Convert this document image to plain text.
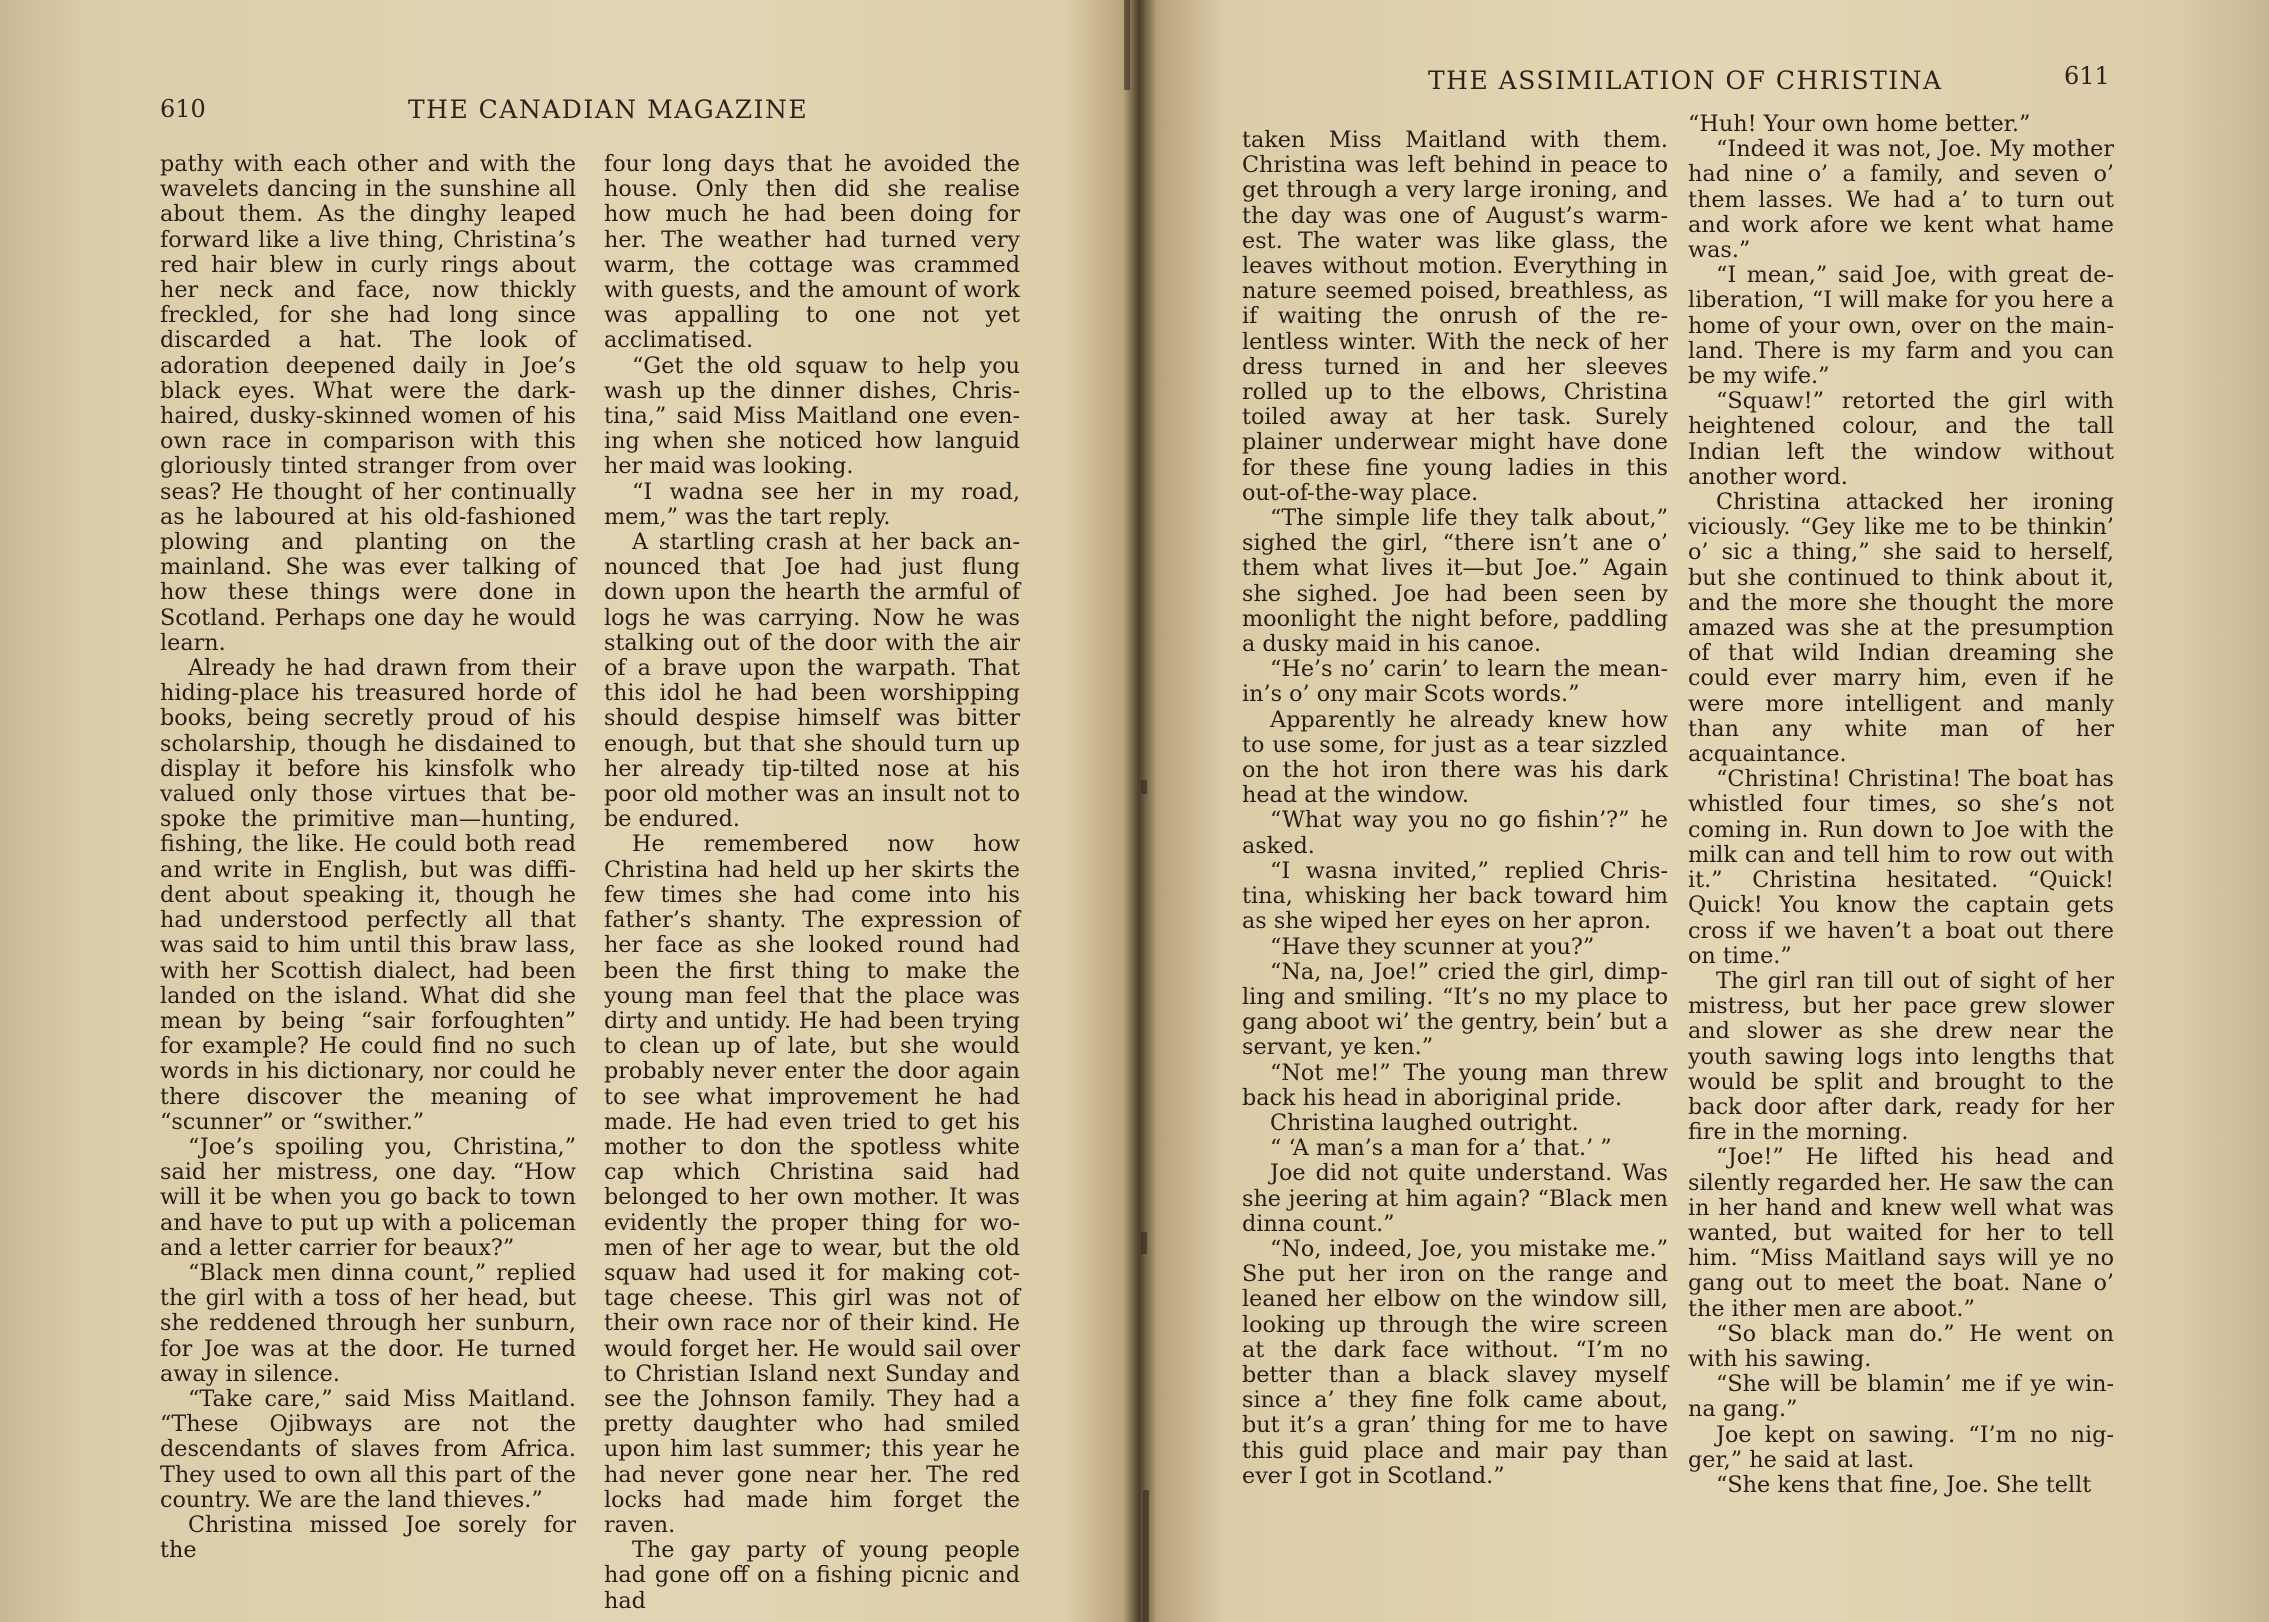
610	THE CANADIAN MAGAZINE

pathy with each other and with the wavelets dancing in the sunshine all about them. As the dinghy leaped forward like a live thing, Christina’s red hair blew in curly rings about her neck and face, now thickly freckled, for she had long since discarded a hat. The look of adoration deepened daily in Joe’s black eyes. What were the dark-haired, dusky-skinned women of his own race in comparison with this gloriously tinted stranger from over seas? He thought of her continually as he laboured at his old-fashioned plowing and planting on the mainland. She was ever talking of how these things were done in Scotland. Perhaps one day he would learn.

Already he had drawn from their hiding-place his treasured horde of books, being secretly proud of his scholarship, though he disdained to display it before his kinsfolk who valued only those virtues that bespoke the primitive man—hunting, fishing, the like. He could both read and write in English, but was diffident about speaking it, though he had understood perfectly all that was said to him until this braw lass, with her Scottish dialect, had been landed on the island. What did she mean by being “sair forfoughten” for example? He could find no such words in his dictionary, nor could he there discover the meaning of “scunner” or “swither.”

“Joe’s spoiling you, Christina,” said her mistress, one day. “How will it be when you go back to town and have to put up with a policeman and a letter carrier for beaux?”

“Black men dinna count,” replied the girl with a toss of her head, but she reddened through her sunburn, for Joe was at the door. He turned away in silence.

“Take care,” said Miss Maitland. “These Ojibways are not the descendants of slaves from Africa. They used to own all this part of the country. We are the land thieves.”

Christina missed Joe sorely for the

four long days that he avoided the house. Only then did she realise how much he had been doing for her. The weather had turned very warm, the cottage was crammed with guests, and the amount of work was appalling to one not yet acclimatised.

“Get the old squaw to help you wash up the dinner dishes, Christina,” said Miss Maitland one evening when she noticed how languid her maid was looking.

“I wadna see her in my road, mem,” was the tart reply.

A startling crash at her back announced that Joe had just flung down upon the hearth the armful of logs he was carrying. Now he was stalking out of the door with the air of a brave upon the warpath. That this idol he had been worshipping should despise himself was bitter enough, but that she should turn up her already tip-tilted nose at his poor old mother was an insult not to be endured.

He remembered now how Christina had held up her skirts the few times she had come into his father’s shanty. The expression of her face as she looked round had been the first thing to make the young man feel that the place was dirty and untidy. He had been trying to clean up of late, but she would probably never enter the door again to see what improvement he had made. He had even tried to get his mother to don the spotless white cap which Christina said had belonged to her own mother. It was evidently the proper thing for women of her age to wear, but the old squaw had used it for making cottage cheese. This girl was not of their own race nor of their kind. He would forget her. He would sail over to Christian Island next Sunday and see the Johnson family. They had a pretty daughter who had smiled upon him last summer; this year he had never gone near her. The red locks had made him forget the raven.

The gay party of young people had gone off on a fishing picnic and had

THE ASSIMILATION OF CHRISTINA	611

taken Miss Maitland with them. Christina was left behind in peace to get through a very large ironing, and the day was one of August’s warmest. The water was like glass, the leaves without motion. Everything in nature seemed poised, breathless, as if waiting the onrush of the relentless winter. With the neck of her dress turned in and her sleeves rolled up to the elbows, Christina toiled away at her task. Surely plainer underwear might have done for these fine young ladies in this out-of-the-way place.

“The simple life they talk about,” sighed the girl, “there isn’t ane o’ them what lives it—but Joe.” Again she sighed. Joe had been seen by moonlight the night before, paddling a dusky maid in his canoe.

“He’s no’ carin’ to learn the meanin’s o’ ony mair Scots words.”

Apparently he already knew how to use some, for just as a tear sizzled on the hot iron there was his dark head at the window.

“What way you no go fishin’?” he asked.

“I wasna invited,” replied Christina, whisking her back toward him as she wiped her eyes on her apron.

“Have they scunner at you?”

“Na, na, Joe!” cried the girl, dimpling and smiling. “It’s no my place to gang aboot wi’ the gentry, bein’ but a servant, ye ken.”

“Not me!” The young man threw back his head in aboriginal pride.

Christina laughed outright.

“ ‘A man’s a man for a’ that.’ ”

Joe did not quite understand. Was she jeering at him again? “Black men dinna count.”

“No, indeed, Joe, you mistake me.” She put her iron on the range and leaned her elbow on the window sill, looking up through the wire screen at the dark face without. “I’m no better than a black slavey myself since a’ they fine folk came about, but it’s a gran’ thing for me to have this guid place and mair pay than ever I got in Scotland.”

“Huh! Your own home better.”

“Indeed it was not, Joe. My mother had nine o’ a family, and seven o’ them lasses. We had a’ to turn out and work afore we kent what hame was.”

“I mean,” said Joe, with great deliberation, “I will make for you here a home of your own, over on the mainland. There is my farm and you can be my wife.”

“Squaw!” retorted the girl with heightened colour, and the tall Indian left the window without another word.

Christina attacked her ironing viciously. “Gey like me to be thinkin’ o’ sic a thing,” she said to herself, but she continued to think about it, and the more she thought the more amazed was she at the presumption of that wild Indian dreaming she could ever marry him, even if he were more intelligent and manly than any white man of her acquaintance.

“Christina! Christina! The boat has whistled four times, so she’s not coming in. Run down to Joe with the milk can and tell him to row out with it.” Christina hesitated. “Quick! Quick! You know the captain gets cross if we haven’t a boat out there on time.”

The girl ran till out of sight of her mistress, but her pace grew slower and slower as she drew near the youth sawing logs into lengths that would be split and brought to the back door after dark, ready for her fire in the morning.

“Joe!” He lifted his head and silently regarded her. He saw the can in her hand and knew well what was wanted, but waited for her to tell him. “Miss Maitland says will ye no gang out to meet the boat. Nane o’ the ither men are aboot.”

“So black man do.” He went on with his sawing.

“She will be blamin’ me if ye winna gang.”

Joe kept on sawing. “I’m no nigger,” he said at last.

“She kens that fine, Joe. She tellt
